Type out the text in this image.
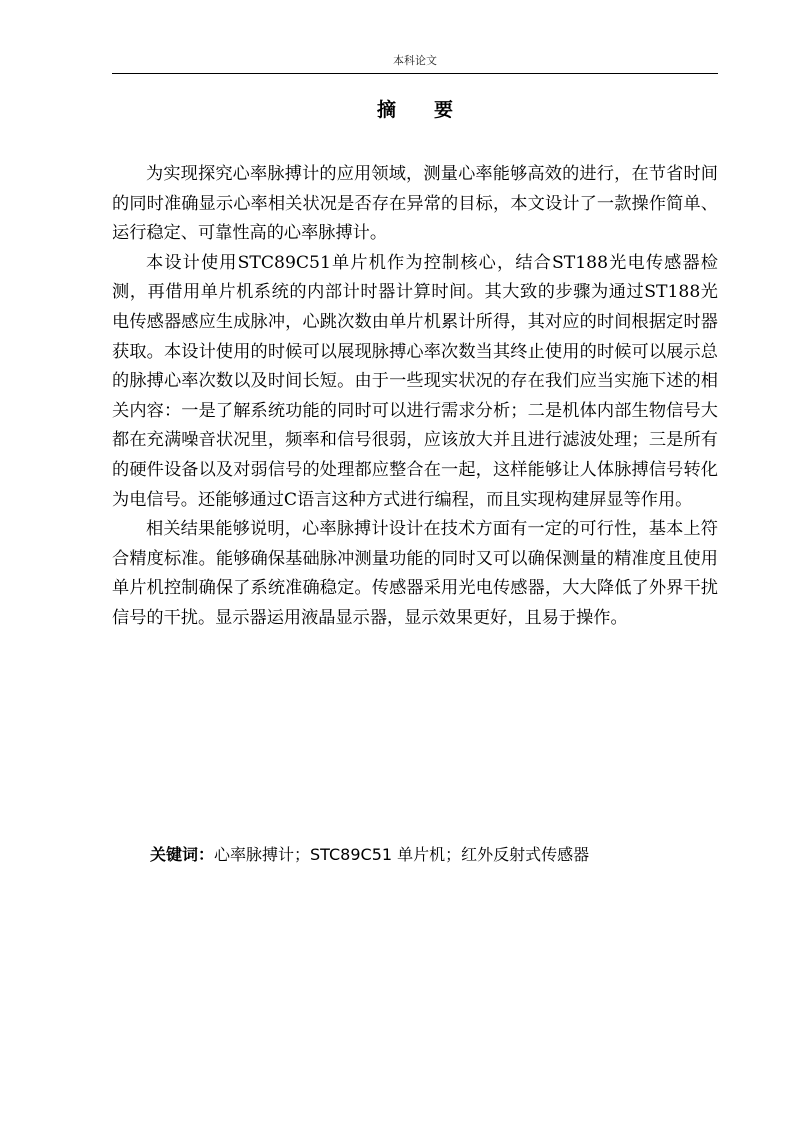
本科论文
摘要

为实现探究心率脉搏计的应用领域，测量心率能够高效的进行，在节省时间的同时准确显示心率相关状况是否存在异常的目标，本文设计了一款操作简单、运行稳定、可靠性高的心率脉搏计。

本设计使用STC89C51单片机作为控制核心，结合ST188光电传感器检测，再借用单片机系统的内部计时器计算时间。其大致的步骤为通过ST188光电传感器感应生成脉冲，心跳次数由单片机累计所得，其对应的时间根据定时器获取。本设计使用的时候可以展现脉搏心率次数当其终止使用的时候可以展示总的脉搏心率次数以及时间长短。由于一些现实状况的存在我们应当实施下述的相关内容：一是了解系统功能的同时可以进行需求分析；二是机体内部生物信号大都在充满噪音状况里，频率和信号很弱，应该放大并且进行滤波处理；三是所有的硬件设备以及对弱信号的处理都应整合在一起，这样能够让人体脉搏信号转化为电信号。还能够通过C语言这种方式进行编程，而且实现构建屏显等作用。

相关结果能够说明，心率脉搏计设计在技术方面有一定的可行性，基本上符合精度标准。能够确保基础脉冲测量功能的同时又可以确保测量的精准度且使用单片机控制确保了系统准确稳定。传感器采用光电传感器，大大降低了外界干扰信号的干扰。显示器运用液晶显示器，显示效果更好，且易于操作。

关键词：心率脉搏计；STC89C51 单片机；红外反射式传感器
